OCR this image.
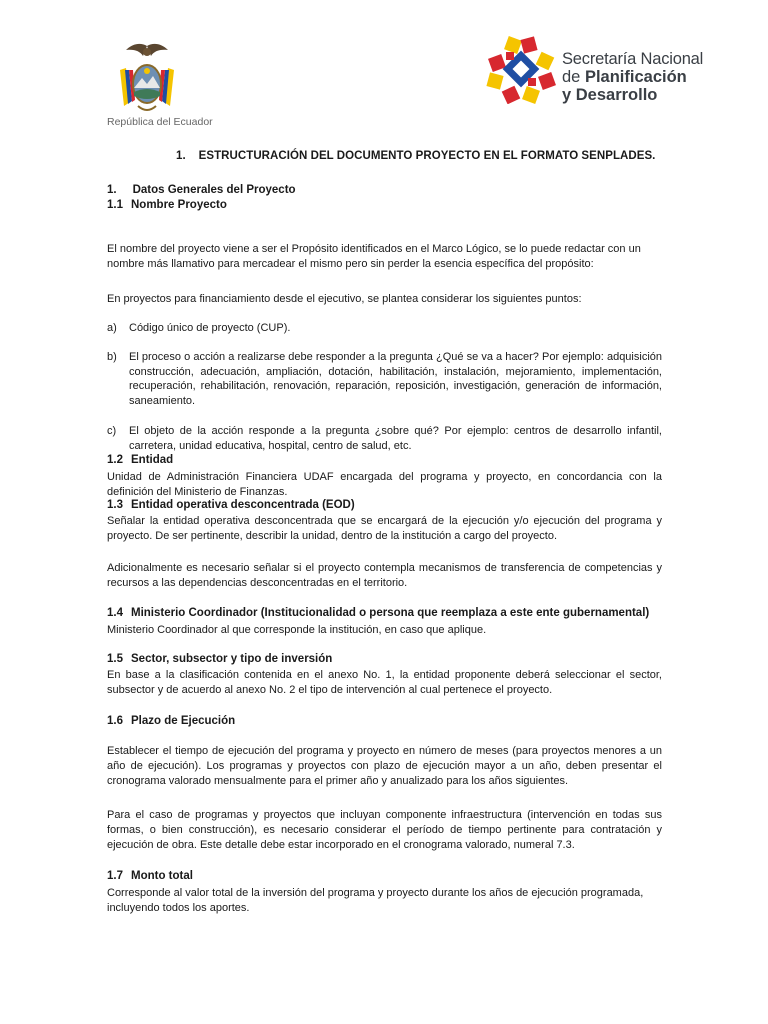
República del Ecuador
Secretaría Nacional
de Planificación
y Desarrollo
1.    ESTRUCTURACIÓN DEL DOCUMENTO PROYECTO EN EL FORMATO SENPLADES.
1.     Datos Generales del Proyecto
1.1 Nombre Proyecto
El nombre del proyecto viene a ser el Propósito identificados en el Marco Lógico, se lo puede redactar con un nombre más llamativo para mercadear el mismo pero sin perder la esencia específica del propósito:
En proyectos para financiamiento desde el ejecutivo, se plantea considerar los siguientes puntos:
a) Código único de proyecto (CUP).
b) El proceso o acción a realizarse debe responder a la pregunta ¿Qué se va a hacer? Por ejemplo: adquisición construcción, adecuación, ampliación, dotación, habilitación, instalación, mejoramiento, implementación, recuperación, rehabilitación, renovación, reparación, reposición, investigación, generación de información, saneamiento.
c) El objeto de la acción responde a la pregunta ¿sobre qué? Por ejemplo: centros de desarrollo infantil, carretera, unidad educativa, hospital, centro de salud, etc.
1.2 Entidad
Unidad de Administración Financiera UDAF encargada del programa y proyecto, en concordancia con la definición del Ministerio de Finanzas.
1.3 Entidad operativa desconcentrada (EOD)
Señalar la entidad operativa desconcentrada que se encargará de la ejecución y/o ejecución del programa y proyecto. De ser pertinente, describir la unidad, dentro de la institución a cargo del proyecto.
Adicionalmente es necesario señalar si el proyecto contempla mecanismos de transferencia de competencias y recursos a las dependencias desconcentradas en el territorio.
1.4 Ministerio Coordinador (Institucionalidad o persona que reemplaza a este ente gubernamental)
Ministerio Coordinador al que corresponde la institución, en caso que aplique.
1.5 Sector, subsector y tipo de inversión
En base a la clasificación contenida en el anexo No. 1, la entidad proponente deberá seleccionar el sector, subsector y de acuerdo al anexo No. 2 el tipo de intervención al cual pertenece el proyecto.
1.6 Plazo de Ejecución
Establecer el tiempo de ejecución del programa y proyecto en número de meses (para proyectos menores a un año de ejecución). Los programas y proyectos con plazo de ejecución mayor a un año, deben presentar el cronograma valorado mensualmente para el primer año y anualizado para los años siguientes.
Para el caso de programas y proyectos que incluyan componente infraestructura (intervención en todas sus formas, o bien construcción), es necesario considerar el período de tiempo pertinente para contratación y ejecución de obra. Este detalle debe estar incorporado en el cronograma valorado, numeral 7.3.
1.7 Monto total
Corresponde al valor total de la inversión del programa y proyecto durante los años de ejecución programada, incluyendo todos los aportes.
